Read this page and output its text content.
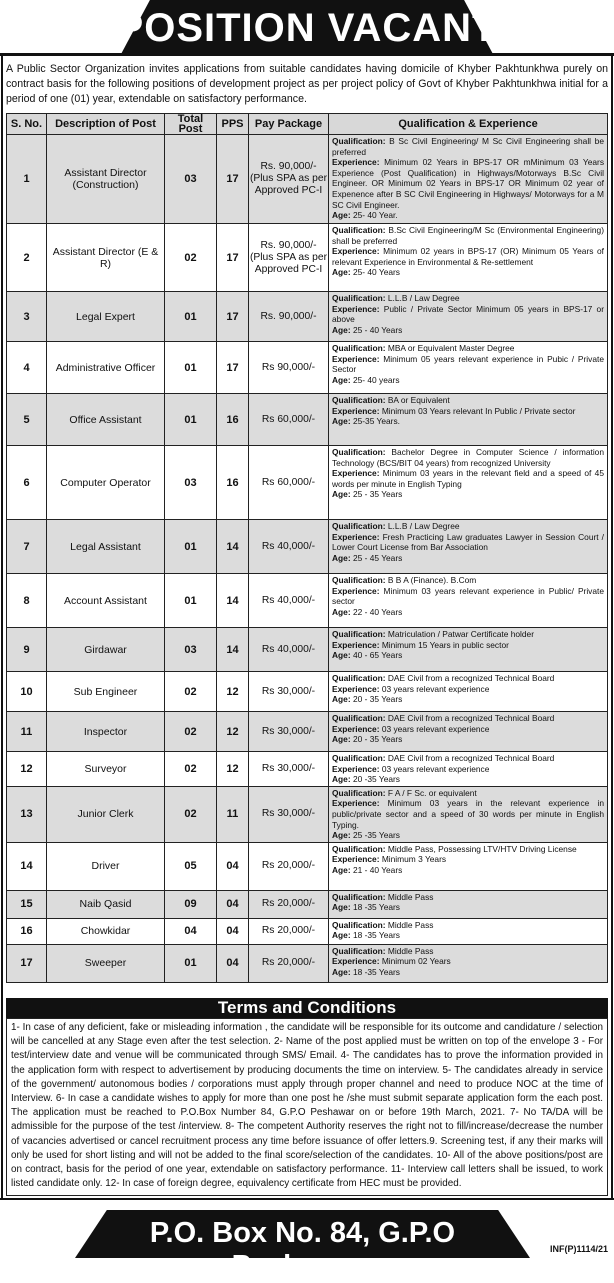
POSITION VACANT

A Public Sector Organization invites applications from suitable candidates having domicile of Khyber Pakhtunkhwa purely on contract basis for the following positions of development project as per project policy of Govt of Khyber Pakhtunkhwa initial for a period of one (01) year, extendable on satisfactory performance.

S. No.	Description of Post	Total Post	PPS	Pay Package	Qualification & Experience
1	Assistant Director (Construction)	03	17	Rs. 90,000/- (Plus SPA as per Approved PC-I	Qualification: B Sc Civil Engineering/ M Sc Civil Engineering shall be preferred
Experience: Minimum 02 Years in BPS-17 OR mMinimum 03 Years Experience (Post Qualification) in Highways/Motorways B.Sc Civil Engineer. OR Minimum 02 Years in BPS-17 OR Minimum 02 year of Expenence after B SC Civil Engineering in Highways/ Motorways for a M SC Civil Engineer.
Age: 25- 40 Year.

2	Assistant Director (E & R)	02	17	Rs. 90,000/- (Plus SPA as per Approved PC-I	Qualification: B.Sc Civil Engineering/M Sc (Environmental Engineering) shall be preferred
Experience: Minimum 02 years in BPS-17 (OR) Minimum 05 Years of relevant Experience in Environmental & Re-settlement
Age: 25- 40 Years

3	Legal Expert	01	17	Rs. 90,000/-	Qualification: L.L.B / Law Degree
Experience: Public / Private Sector Minimum 05 years in BPS-17 or above
Age: 25 - 40 Years

4	Administrative Officer	01	17	Rs 90,000/-	Qualification: MBA or Equivalent Master Degree
Experience: Minimum 05 years relevant experience in Pubic / Private Sector
Age: 25- 40 years

5	Office Assistant	01	16	Rs 60,000/-	Qualification: BA or Equivalent
Experience: Minimum 03 Years relevant In Public / Private sector
Age: 25-35 Years.

6	Computer Operator	03	16	Rs 60,000/-	Qualification: Bachelor Degree in Computer Science / information Technology (BCS/BIT 04 years) from recognized University
Experience: Minimum 03 years in the relevant field and a speed of 45 words per minute in English Typing
Age: 25 - 35 Years

7	Legal Assistant	01	14	Rs 40,000/-	Qualification: L.L.B / Law Degree
Experience: Fresh Practicing Law graduates Lawyer in Session Court / Lower Court License from Bar Association
Age: 25 - 45 Years

8	Account Assistant	01	14	Rs 40,000/-	Qualification: B B A (Finance). B.Com
Experience: Minimum 03 years relevant experience in Public/ Private sector
Age: 22 - 40 Years

9	Girdawar	03	14	Rs 40,000/-	Qualification: Matriculation / Patwar Certificate holder
Experience: Minimum 15 Years in public sector
Age: 40 - 65 Years

10	Sub Engineer	02	12	Rs 30,000/-	Qualification: DAE Civil from a recognized Technical Board
Experience: 03 years relevant experience
Age: 20 - 35 Years

11	Inspector	02	12	Rs 30,000/-	Qualification: DAE Civil from a recognized Technical Board
Experience: 03 years relevant experience
Age: 20 - 35 Years

12	Surveyor	02	12	Rs 30,000/-	Qualification: DAE Civil from a recognized Technical Board
Experience: 03 years relevant experience
Age: 20 -35 Years

13	Junior Clerk	02	11	Rs 30,000/-	Qualification: F A / F Sc. or equivalent
Experience: Minimum 03 years in the relevant experience in public/private sector and a speed of 30 words per minute in English Typing.
Age: 25 -35 Years

14	Driver	05	04	Rs 20,000/-	Qualification: Middle Pass, Possessing LTV/HTV Driving License
Experience: Minimum 3 Years
Age: 21 - 40 Years

15	Naib Qasid	09	04	Rs 20,000/-	Qualification: Middle Pass
Age: 18 -35 Years

16	Chowkidar	04	04	Rs 20,000/-	Qualification: Middle Pass
Age: 18 -35 Years

17	Sweeper	01	04	Rs 20,000/-	Qualification: Middle Pass
Experience: Minimum 02 Years
Age: 18 -35 Years
Terms and Conditions
1- In case of any deficient, fake or misleading information , the candidate will be responsible for its outcome and candidature / selection will be cancelled at any Stage even after the test selection. 2- Name of the post applied must be written on top of the envelope 3 - For test/interview date and venue will be communicated through SMS/ Email. 4- The candidates has to prove the information provided in the application form with respect to advertisement by producing documents the time on interview. 5- The candidates already in service of the government/ autonomous bodies / corporations must apply through proper channel and need to produce NOC at the time of Interview. 6- In case a candidate wishes to apply for more than one post he /she must submit separate application form the each post. The application must be reached to P.O.Box Number 84, G.P.O Peshawar on or before 19th March, 2021. 7- No TA/DA will be admissible for the purpose of the test /interview. 8- The competent Authority reserves the right not to fill/increase/decrease the number of vacancies advertised or cancel recruitment process any time before issuance of offer letters.9. Screening test, if any their marks will only be used for short listing and will not be added to the final score/selection of the candidates. 10- All of the above positions/post are on contract, basis for the period of one year, extendable on satisfactory performance. 11- Interview call letters shall be issued, to work listed candidate only. 12- In case of foreign degree, equivalency certificate from HEC must be provided.
P.O. Box No. 84, G.P.O Peshawar.
INF(P)1114/21
